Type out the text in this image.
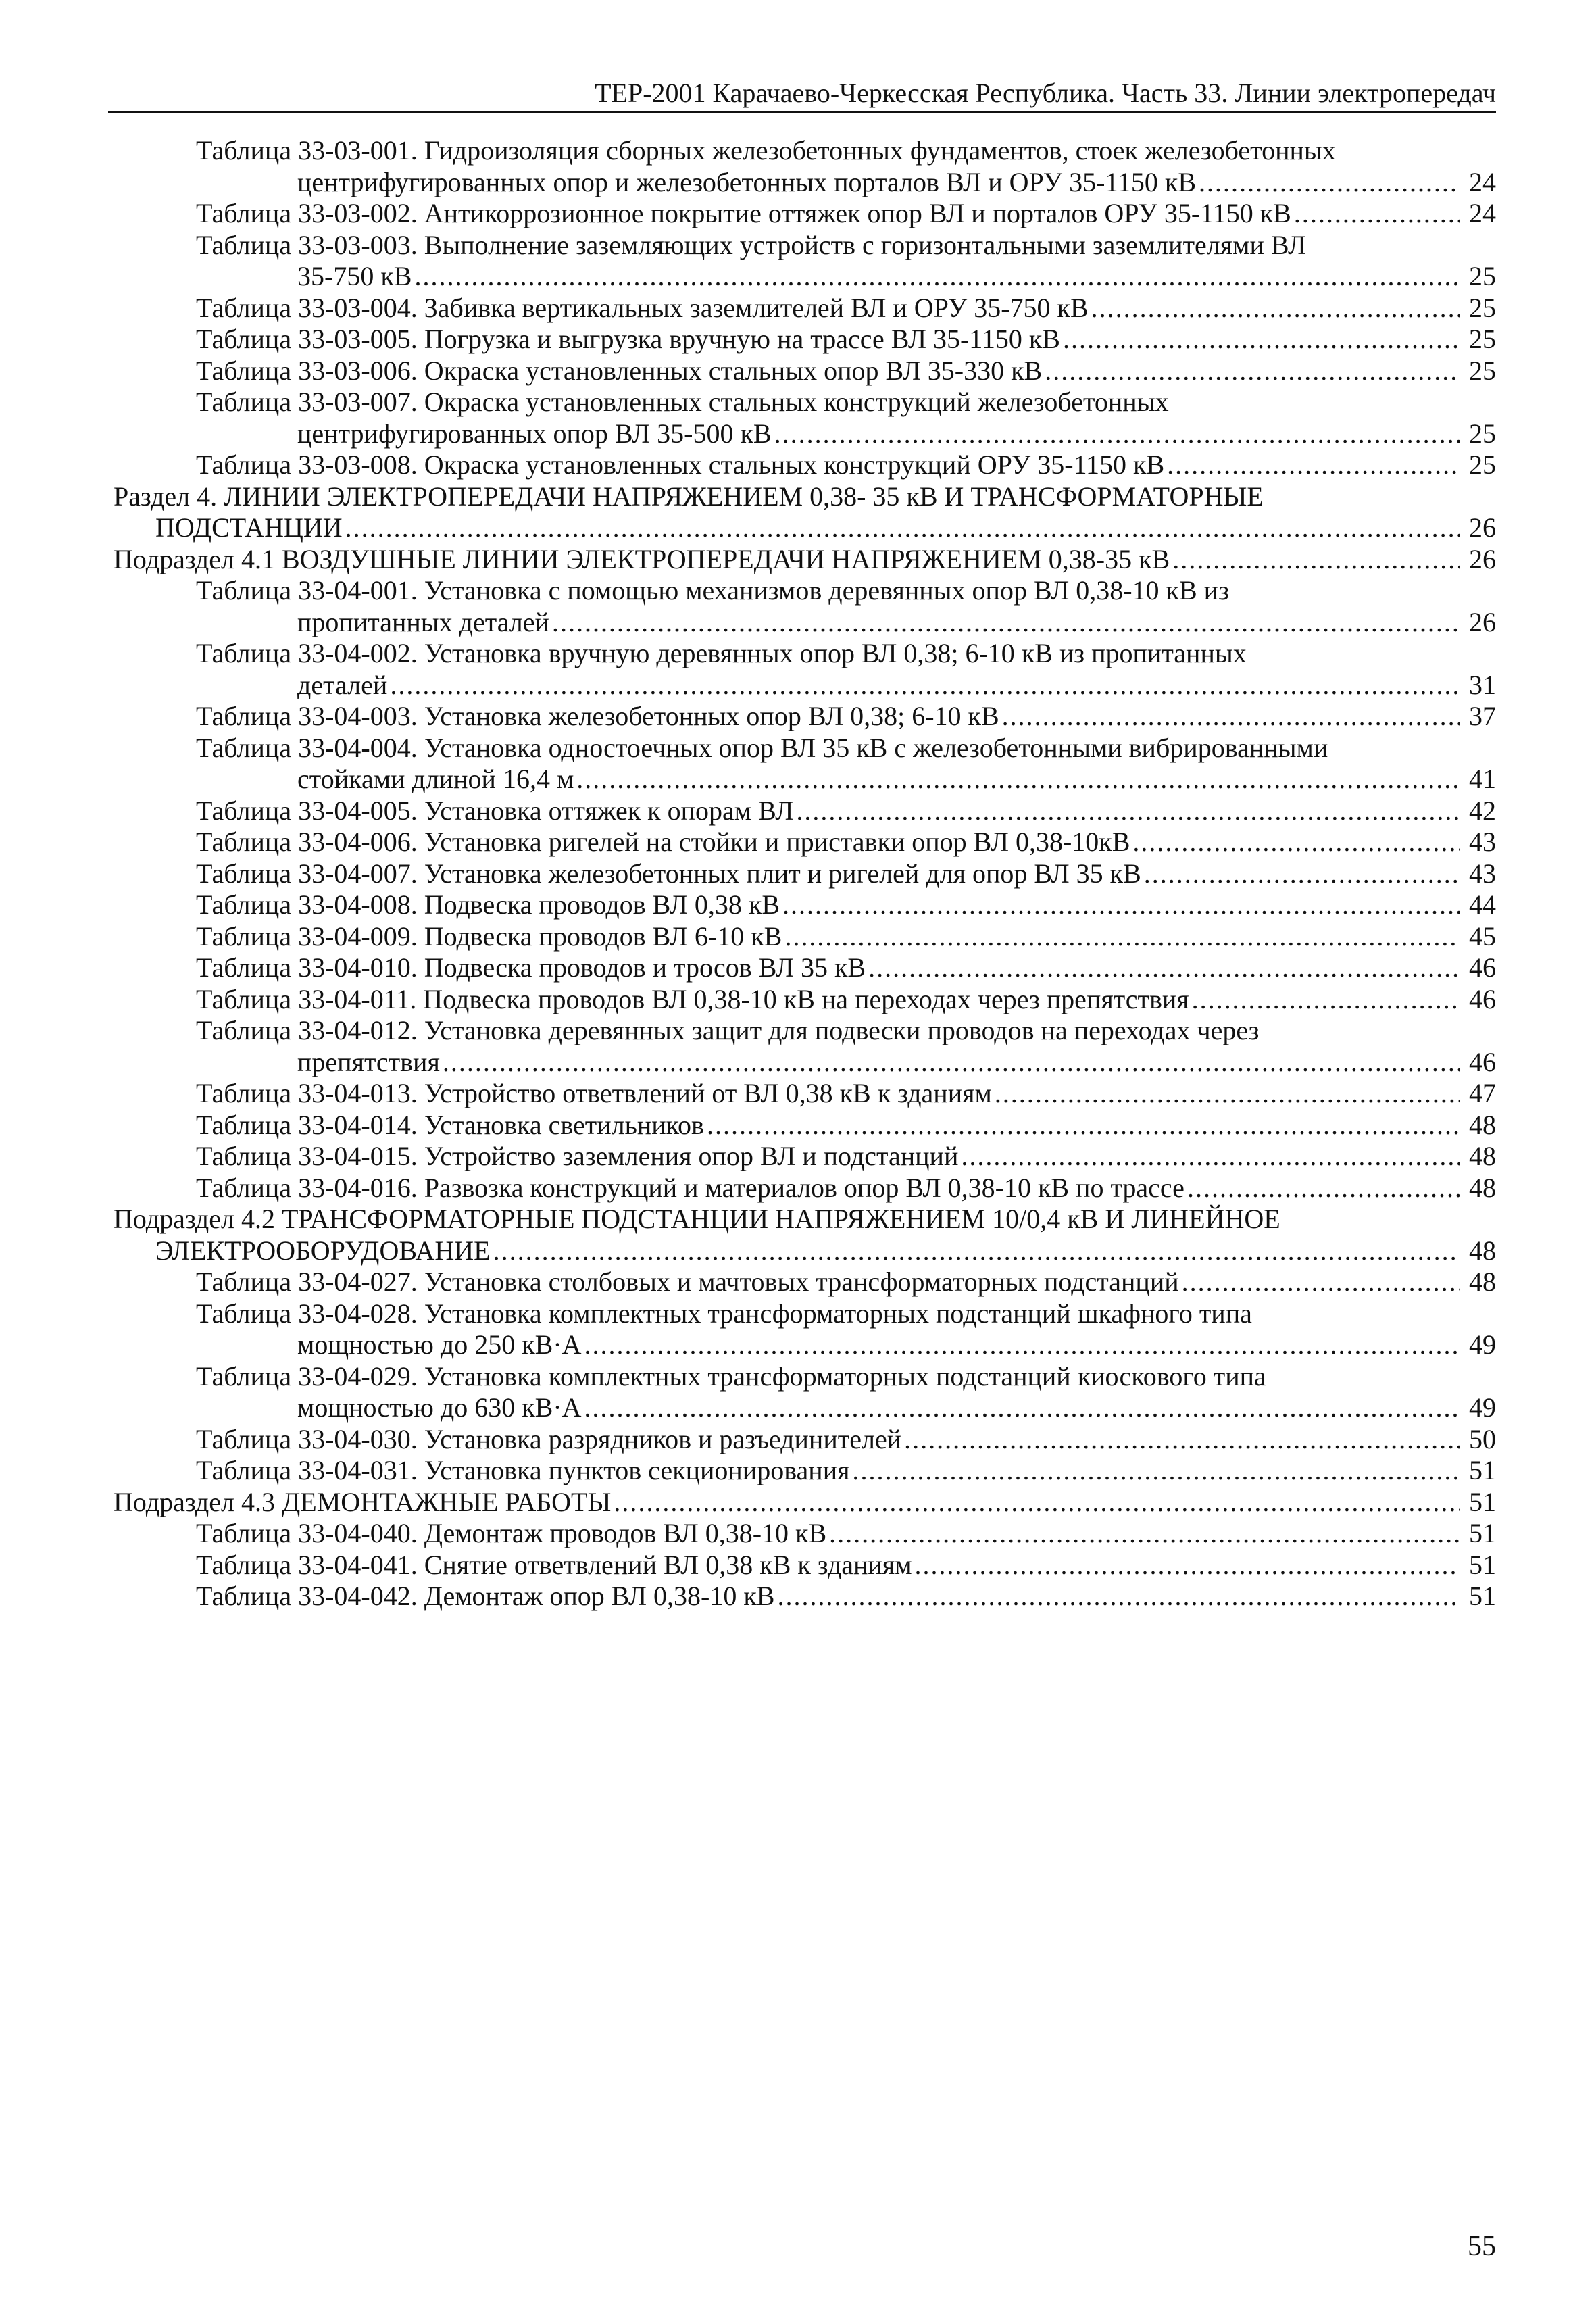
ТЕР-2001 Карачаево-Черкесская Республика. Часть 33. Линии электропередач
Таблица 33-03-001. Гидроизоляция сборных железобетонных фундаментов, стоек железобетонных
центрифугированных опор и железобетонных порталов ВЛ и ОРУ 35-1150 кВ .....	24
Таблица 33-03-002. Антикоррозионное покрытие оттяжек опор ВЛ и порталов ОРУ 35-1150 кВ .....	24
Таблица 33-03-003. Выполнение заземляющих устройств с горизонтальными заземлителями ВЛ
35-750 кВ .....	25
Таблица 33-03-004. Забивка вертикальных заземлителей ВЛ и ОРУ 35-750 кВ .....	25
Таблица 33-03-005. Погрузка и выгрузка вручную на трассе ВЛ 35-1150 кВ .....	25
Таблица 33-03-006. Окраска установленных стальных опор ВЛ 35-330 кВ .....	25
Таблица 33-03-007. Окраска установленных стальных конструкций железобетонных
центрифугированных опор ВЛ 35-500 кВ .....	25
Таблица 33-03-008. Окраска установленных стальных конструкций ОРУ 35-1150 кВ .....	25
Раздел 4. ЛИНИИ ЭЛЕКТРОПЕРЕДАЧИ НАПРЯЖЕНИЕМ 0,38- 35 кВ И ТРАНСФОРМАТОРНЫЕ
ПОДСТАНЦИИ .....	26
Подраздел 4.1 ВОЗДУШНЫЕ ЛИНИИ ЭЛЕКТРОПЕРЕДАЧИ НАПРЯЖЕНИЕМ 0,38-35 кВ .....	26
Таблица 33-04-001. Установка с помощью механизмов деревянных опор ВЛ 0,38-10 кВ из
пропитанных деталей .....	26
Таблица 33-04-002. Установка вручную деревянных опор ВЛ 0,38; 6-10 кВ из пропитанных
деталей .....	31
Таблица 33-04-003. Установка железобетонных опор ВЛ 0,38; 6-10 кВ .....	37
Таблица 33-04-004. Установка одностоечных опор ВЛ 35 кВ с железобетонными вибрированными
стойками длиной 16,4 м .....	41
Таблица 33-04-005. Установка оттяжек к опорам ВЛ .....	42
Таблица 33-04-006. Установка ригелей на стойки и приставки опор ВЛ 0,38-10кВ .....	43
Таблица 33-04-007. Установка железобетонных плит и ригелей для опор ВЛ 35 кВ .....	43
Таблица 33-04-008. Подвеска проводов ВЛ 0,38 кВ .....	44
Таблица 33-04-009. Подвеска проводов ВЛ 6-10 кВ .....	45
Таблица 33-04-010. Подвеска проводов и тросов ВЛ 35 кВ .....	46
Таблица 33-04-011. Подвеска проводов ВЛ 0,38-10 кВ на переходах через препятствия .....	46
Таблица 33-04-012. Установка деревянных защит для подвески проводов на переходах через
препятствия .....	46
Таблица 33-04-013. Устройство ответвлений от ВЛ 0,38 кВ к зданиям .....	47
Таблица 33-04-014. Установка светильников .....	48
Таблица 33-04-015. Устройство заземления опор ВЛ и подстанций .....	48
Таблица 33-04-016. Развозка конструкций и материалов опор ВЛ 0,38-10 кВ по трассе .....	48
Подраздел 4.2 ТРАНСФОРМАТОРНЫЕ ПОДСТАНЦИИ НАПРЯЖЕНИЕМ 10/0,4 кВ И ЛИНЕЙНОЕ
ЭЛЕКТРООБОРУДОВАНИЕ .....	48
Таблица 33-04-027. Установка столбовых и мачтовых трансформаторных подстанций .....	48
Таблица 33-04-028. Установка комплектных трансформаторных подстанций шкафного типа
мощностью до 250 кВ·А .....	49
Таблица 33-04-029. Установка комплектных трансформаторных подстанций киоскового типа
мощностью до 630 кВ·А .....	49
Таблица 33-04-030. Установка разрядников и разъединителей .....	50
Таблица 33-04-031. Установка пунктов секционирования .....	51
Подраздел 4.3 ДЕМОНТАЖНЫЕ РАБОТЫ .....	51
Таблица 33-04-040. Демонтаж проводов ВЛ 0,38-10 кВ .....	51
Таблица 33-04-041. Снятие ответвлений ВЛ 0,38 кВ к зданиям .....	51
Таблица 33-04-042. Демонтаж опор ВЛ 0,38-10 кВ .....	51
55
